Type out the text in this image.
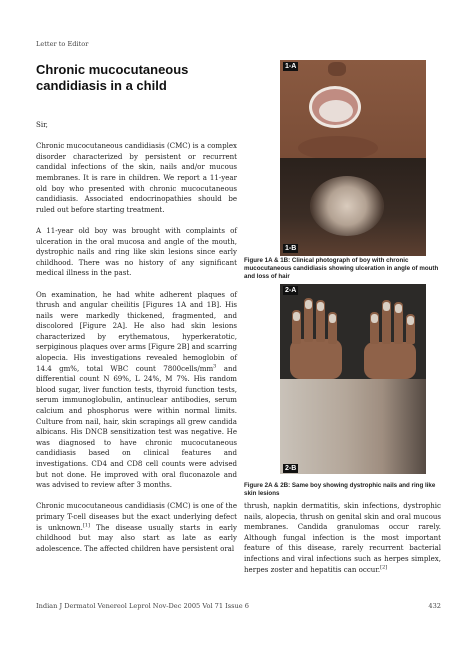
Letter to Editor
Chronic mucocutaneous
candidiasis in a child

Sir,

Chronic mucocutaneous candidiasis (CMC) is a complex disorder characterized by persistent or recurrent candidal infections of the skin, nails and/or mucous membranes. It is rare in children. We report a 11-year old boy who presented with chronic mucocutaneous candidiasis. Associated endocrinopathies should be ruled out before starting treatment.

A 11-year old boy was brought with complaints of ulceration in the oral mucosa and angle of the mouth, dystrophic nails and ring like skin lesions since early childhood. There was no history of any significant medical illness in the past.

On examination, he had white adherent plaques of thrush and angular cheilitis [Figures 1A and 1B]. His nails were markedly thickened, fragmented, and discolored [Figure 2A]. He also had skin lesions characterized by erythematous, hyperkeratotic, serpiginous plaques over arms [Figure 2B] and scarring alopecia. His investigations revealed hemoglobin of 14.4 gm%, total WBC count $7800cells/mm^3$ and differential count N 69%, L 24%, M 7%. His random blood sugar, liver function tests, thyroid function tests, serum immunoglobulin, antinuclear antibodies, serum calcium and phosphorus were within normal limits. Culture from nail, hair, skin scrapings all grew candida albicans. His DNCB sensitization test was negative. He was diagnosed to have chronic mucocutaneous candidiasis based on clinical features and investigations. CD4 and CD8 cell counts were advised but not done. He improved with oral fluconazole and was advised to review after 3 months.

Chronic mucocutaneous candidiasis (CMC) is one of the primary T-cell diseases but the exact underlying defect is unknown.[1] The disease usually starts in early childhood but may also start as late as early adolescence. The affected children have persistent oral

1-A
1-B
Figure 1A & 1B: Clinical photograph of boy with chronic mucocutaneous candidiasis showing ulceration in angle of mouth and loss of hair
2-A
2-B
Figure 2A & 2B: Same boy showing dystrophic nails and ring like skin lesions
thrush, napkin dermatitis, skin infections, dystrophic nails, alopecia, thrush on genital skin and oral mucous membranes. Candida granulomas occur rarely. Although fungal infection is the most important feature of this disease, rarely recurrent bacterial infections and viral infections such as herpes simplex, herpes zoster and hepatitis can occur.[2]
Indian J Dermatol Venereol Leprol Nov-Dec 2005 Vol 71 Issue 6	432
